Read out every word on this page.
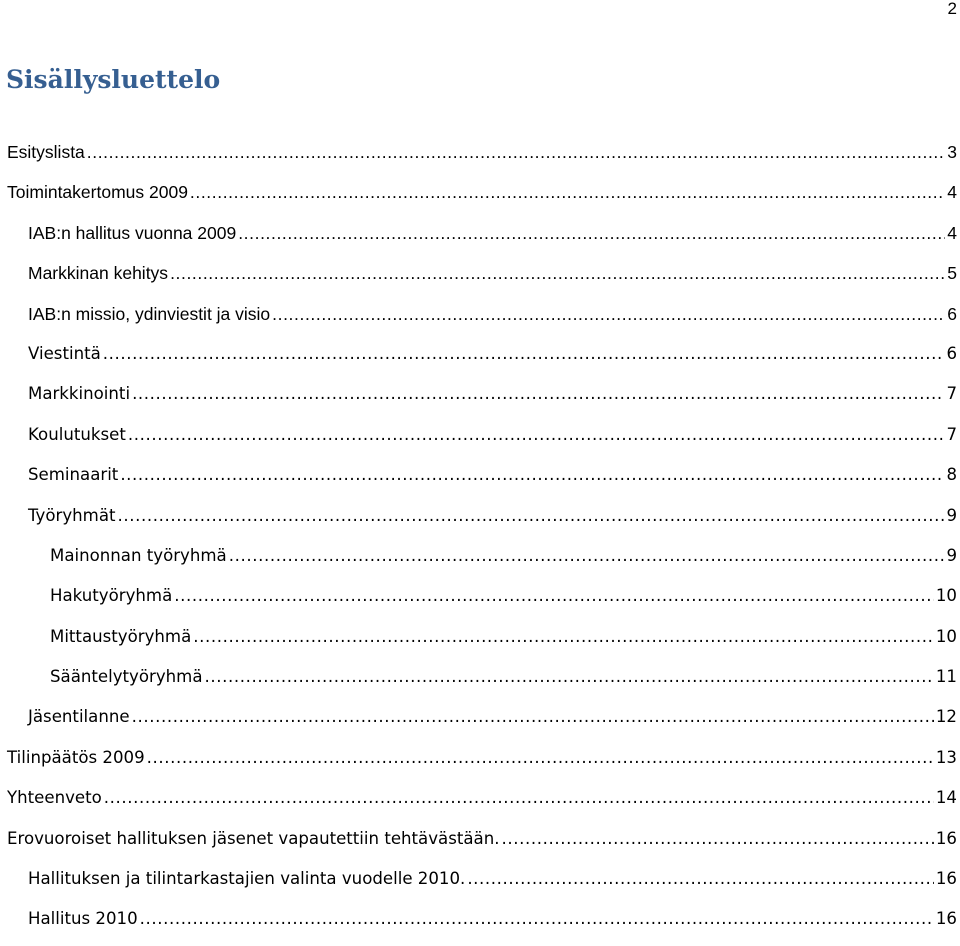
2
Sisällysluettelo
Esityslista .....	3
Toimintakertomus 2009 .....	4
IAB:n hallitus vuonna 2009 .....	4
Markkinan kehitys .....	5
IAB:n missio, ydinviestit ja visio .....	6
Viestintä .....	6
Markkinointi .....	7
Koulutukset .....	7
Seminaarit .....	8
Työryhmät .....	9
Mainonnan työryhmä .....	9
Hakutyöryhmä .....	10
Mittaustyöryhmä .....	10
Sääntelytyöryhmä .....	11
Jäsentilanne .....	12
Tilinpäätös 2009 .....	13
Yhteenveto .....	14
Erovuoroiset hallituksen jäsenet vapautettiin tehtävästään. .....	16
Hallituksen ja tilintarkastajien valinta vuodelle 2010. .....	16
Hallitus 2010 .....	16
